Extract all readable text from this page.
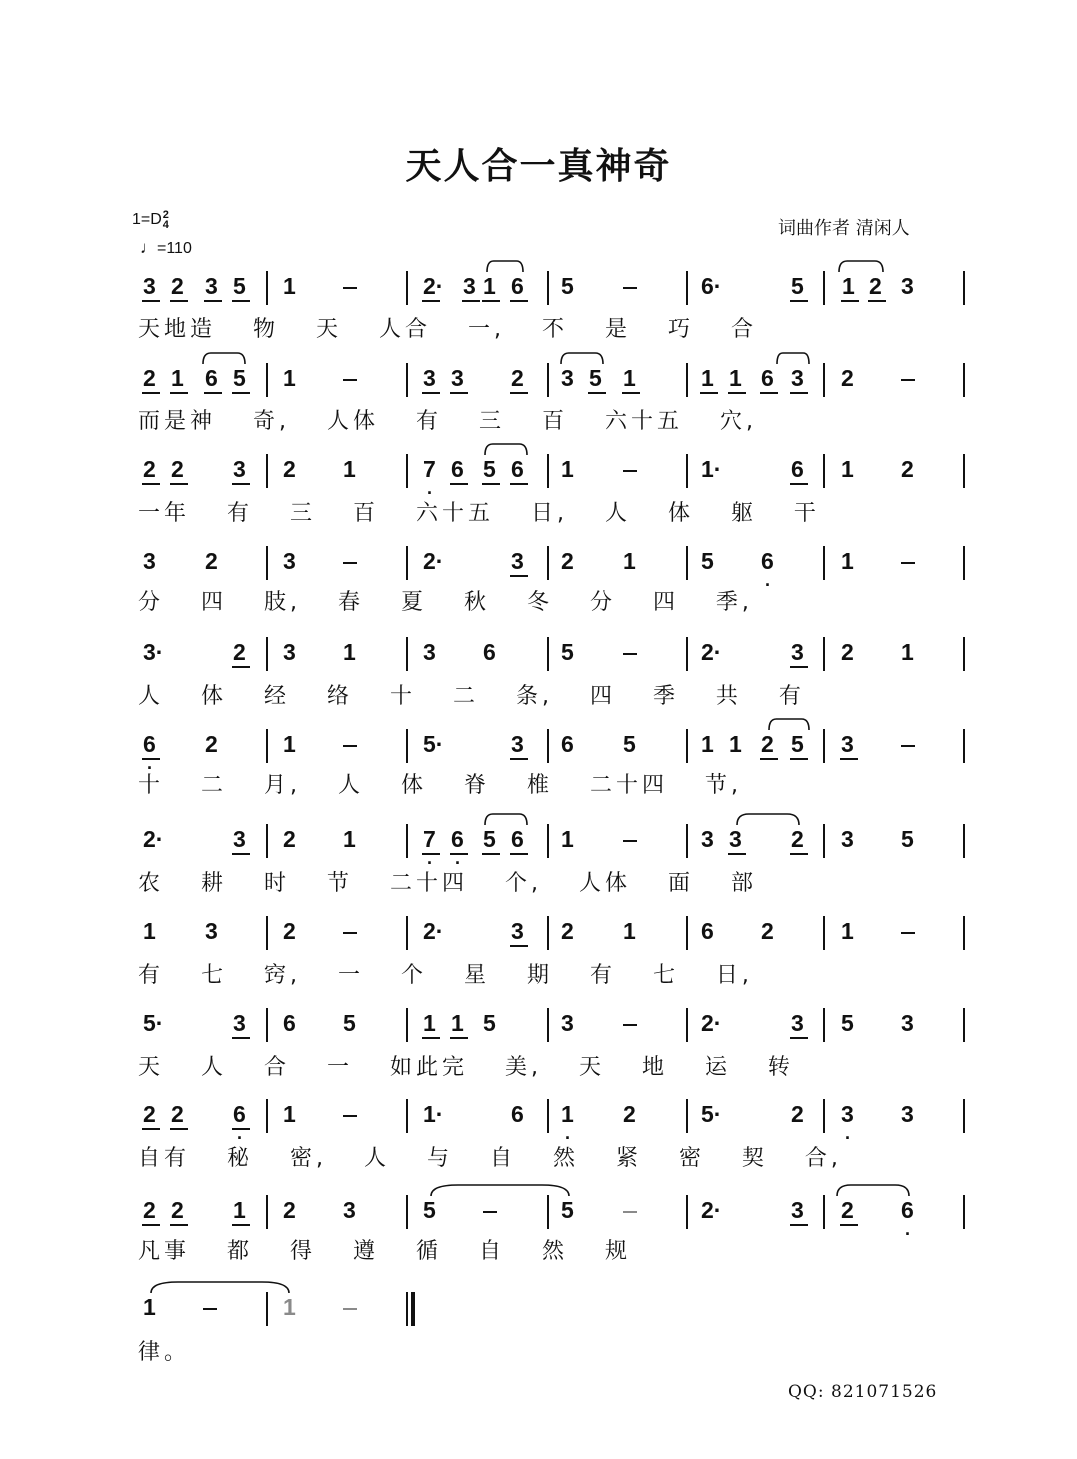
天人合一真神奇
1=D2
4
♩=110
词曲作者 清闲人
QQ: 821071526
3 2 3 5 1	2· 3 1 6 5	6·	5 1 2 3
天地造 物 天 人合 一, 不 是 巧 合
2 1 6 5 1	3 3 2 3 5 1	1 1 6 3 2
而是神 奇, 人体 有 三 百 六十五 穴,
2 2 3 2 1	7
.
6 5 6 1	1·	6 1 2
一年 有 三 百 六十五 日, 人 体 躯 干
3 2	3	2·	3 2 1	5 6
.
1
分 四 肢, 春 夏 秋 冬 分 四 季,
3·	2 3 1	3 6	5	2·	3 2 1
人 体 经 络 十 二 条, 四 季 共 有
6
.
2	1	5·	3 6 5	1 1 2 5 3
十 二 月, 人 体 脊 椎 二十四 节,
2·	3 2 1	7
.
6
.
5 6 1	3 3 2 3 5
农 耕 时 节 二十四 个, 人体 面 部
1 3	2	2·	3 2 1	6 2	1
有 七 窍, 一 个 星 期 有 七 日,
5·	3 6 5	1 1 5	3	2·	3 5 3
天 人 合 一 如此完 美, 天 地 运 转
2 2 6
.
1	1·	6 1
.
2	5·	2 3
.
3
自有 秘 密, 人 与 自 然 紧 密 契 合,
2 2 1 2 3	5	5	2·	3 2 6
.
凡事 都 得 遵 循 自 然 规
1	1
律。
